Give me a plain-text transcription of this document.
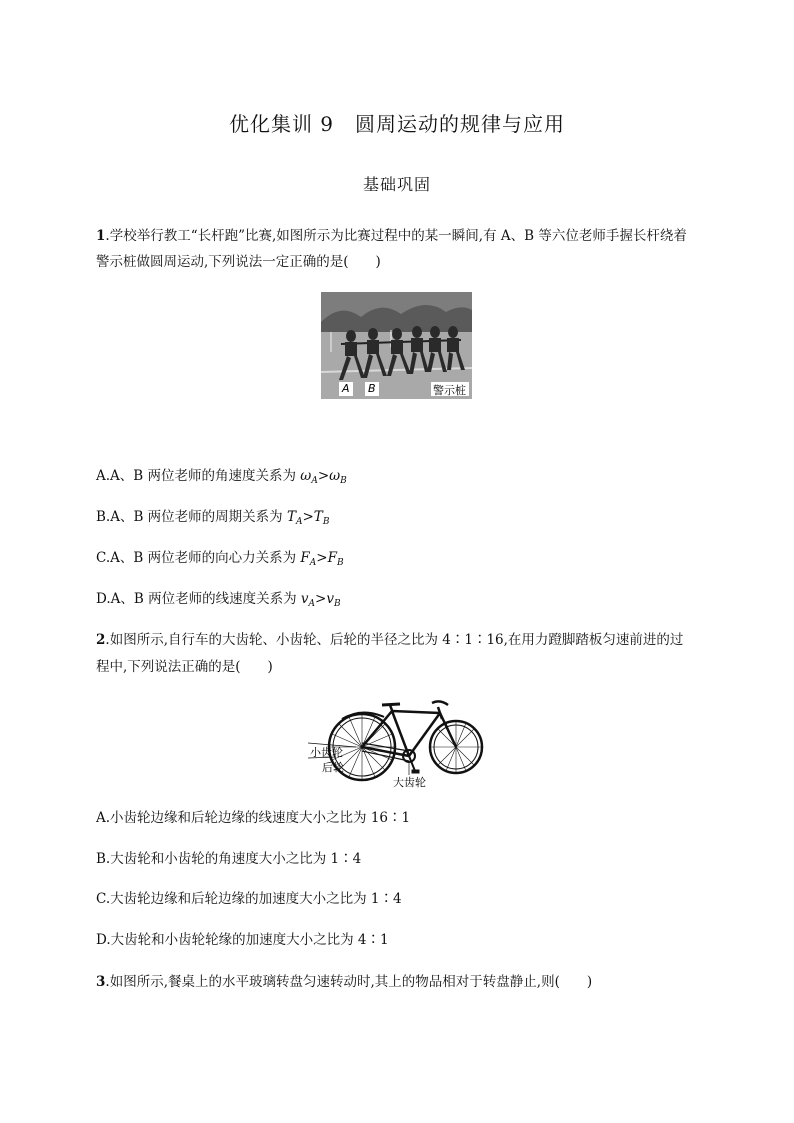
优化集训 9　圆周运动的规律与应用
基础巩固
1.学校举行教工“长杆跑”比赛,如图所示为比赛过程中的某一瞬间,有 A、B 等六位老师手握长杆绕着
警示桩做圆周运动,下列说法一定正确的是(　　)
A B	警示桩
A.A、B 两位老师的角速度关系为 $\omega_A>\omega_B$
B.A、B 两位老师的周期关系为 $T_A>T_B$
C.A、B 两位老师的向心力关系为 $F_A>F_B$
D.A、B 两位老师的线速度关系为 $v_A>v_B$
2.如图所示,自行车的大齿轮、小齿轮、后轮的半径之比为 4∶1∶16,在用力蹬脚踏板匀速前进的过
程中,下列说法正确的是(　　)
小齿轮
后轮
大齿轮
A.小齿轮边缘和后轮边缘的线速度大小之比为 16∶1
B.大齿轮和小齿轮的角速度大小之比为 1∶4
C.大齿轮边缘和后轮边缘的加速度大小之比为 1∶4
D.大齿轮和小齿轮轮缘的加速度大小之比为 4∶1
3.如图所示,餐桌上的水平玻璃转盘匀速转动时,其上的物品相对于转盘静止,则(　　)
